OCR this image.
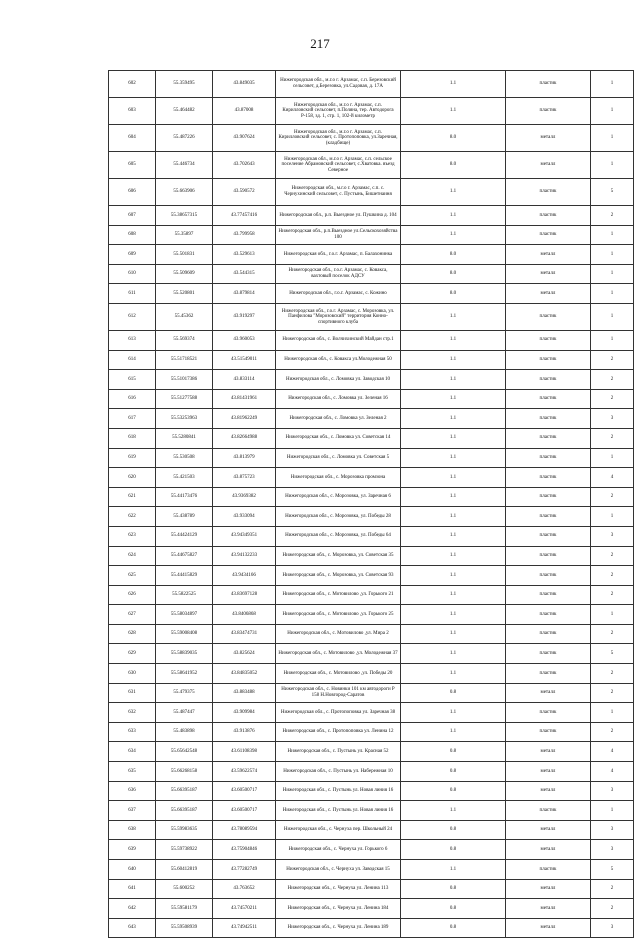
217
602	55.359495	43.849035	Нижегородская обл., м.г.о г. Арзамас, с.п. Березовский сельсовет, д.Березовка, ул.Садовая, д. 17А	1.1	пластик	1
603	55.464482	43.87008	Нижегородская обл., м.г.о г. Арзамас, с.п. Кирилловский сельсовет, п.Поляна, тер. Автодорога Р-158, зд. 1, стр. 1, 102-й километр	1.1	пластик	1
604	55.487226	43.907624	Нижегородская обл., м.г.о г. Арзамас, с.п. Кирилловский сельсовет, с. Протопоповка, ул.Заречная, (кладбище)	8.0	металл	1
605	55.446734	43.702643	Нижегородская обл., м.г.о г. Арзамас, с.п. сельское поселение Абрамовский сельсовет, с.Хватовка. въезд Северное	8.0	металл	1
606	55.663906	43.590572	Нижегородская обл., м.г.о г. Арзамас, с.п. с. Чернухинский сельсовет, с. Пустынь, Бишетнаиня	1.1	пластик	5
607	55.38657315	43.77457416	Нижегородская обл., р.п. Выездное ул. Пушкина д. 104	1.1	пластик	2
608	55.35897	43.799958	Нижегородская обл., р.п.Выездное ул.Сельскохозяйства 100	1.1	пластик	1
609	55.501831	43.529613	Нижегородская обл., г.о.г. Арзамас, п. Балахонинка	8.0	металл	1
610	55.509609	43.544315	Нижегородская обл., г.о.г. Арзамас, с. Ковакса, вахтовый поселок АДСУ	8.0	металл	1
611	55.520801	43.879814	Нижегородская обл., г.о.г. Арзамас, с. Кожино	8.0	металл	1
612	55.45362	43.919297	Нижегородская обл., г.о.г. Арзамас, с. Морозовка, ул. Панфилова "Морозовский" территория Конно-спортивного клуба	1.1	пластик	1
613	55.569374	43.960053	Нижегородская обл., с. Волчихинский Майдан стр.1	1.1	пластик	1
614	55.51718521	43.51549011	Нижегородская обл., с. Ковакса ул.Молодежная 50	1.1	пластик	2
615	55.51017386	43.833114	Нижегородская обл., с. Ломовка ул. Заводская 10	1.1	пластик	2
616	55.51277588	43.81431961	Нижегородская обл., с. Ломовка ул. Зеленая 16	1.1	пластик	2
617	55.53253963	43.81962249	Нижегородская обл., с. Ломовка ул. Зеленая 2	1.1	пластик	3
618	55.5280841	43.82664988	Нижегородская обл., с. Ломовка ул. Советская 14	1.1	пластик	2
619	55.530508	43.813979	Нижегородская обл., с. Ломовка ул. Советская 5	1.1	пластик	1
620	55.421503	43.875723	Нижегородская обл., с. Морозовка промзона	1.1	пластик	4
621	55.44173476	43.9369382	Нижегородская обл., с. Морозовка, ул. Заречная 6	1.1	пластик	2
622	55.438789	43.933094	Нижегородская обл., с. Морозовка, ул. Победы 28	1.1	пластик	1
623	55.44424129	43.94349351	Нижегородская обл., с. Морозовка, ул. Победы 64	1.1	пластик	3
624	55.44675827	43.94132233	Нижегородская обл., с. Морозовка, ул. Советская 35	1.1	пластик	2
625	55.44415829	43.9434166	Нижегородская обл., с. Морозовка, ул. Советская 93	1.1	пластик	2
626	55.5822525	43.83697128	Нижегородская обл., с. Мотовилово ,ул. Горького 21	1.1	пластик	2
627	55.58034897	43.8406868	Нижегородская обл., с. Мотовилово ,ул. Горького 25	1.1	пластик	1
628	55.59008408	43.83474731	Нижегородская обл., с. Мотовилово ,ул. Мира 2	1.1	пластик	2
629	55.58839035	43.825624	Нижегородская обл., с. Мотовилово ,ул. Молодежная 37	1.1	пластик	5
630	55.58641952	43.84835052	Нижегородская обл., с. Мотовилово ,ул. Победы 20	1.1	пластик	2
631	55.479375	43.883488	Нижегородская обл., с. Новинки 101 км автодороги Р 158 Н.Новгород-Саратов	0.8	металл	2
632	55.487447	43.909984	Нижегородская обл., с. Протопоповка ул. Заречная 38	1.1	пластик	1
633	55.483898	43.913876	Нижегородская обл., с. Протопоповка ул. Ленина 12	1.1	пластик	2
634	55.65642548	43.61108398	Нижегородская обл., с. Пустынь ул. Красная 52	0.8	металл	4
635	55.66268158	43.59622574	Нижегородская обл., с. Пустынь ул. Набережная 10	0.8	металл	4
636	55.66395187	43.60500717	Нижегородская обл., с. Пустынь ул. Новая линия 16	0.8	металл	3
637	55.66395187	43.60500717	Нижегородская обл., с. Пустынь ул. Новая линия 16	1.1	пластик	1
638	55.59983635	43.78089594	Нижегородская обл., с. Чернуха пер. Школьный 24	0.8	металл	3
639	55.59738922	43.75904846	Нижегородская обл., с. Чернуха ул. Горького 6	0.8	металл	3
640	55.60412819	43.77282749	Нижегородская обл., с. Чернуха ул. Заводская 15	1.1	пластик	5
641	55.600252	43.763652	Нижегородская обл., с. Чернуха ул. Ленина 113	0.8	металл	2
642	55.59581179	43.74570211	Нижегородская обл., с. Чернуха ул. Ленина 184	0.8	металл	2
643	55.59508939	43.74942511	Нижегородская обл., с. Чернуха ул. Ленина 189	0.8	металл	3
